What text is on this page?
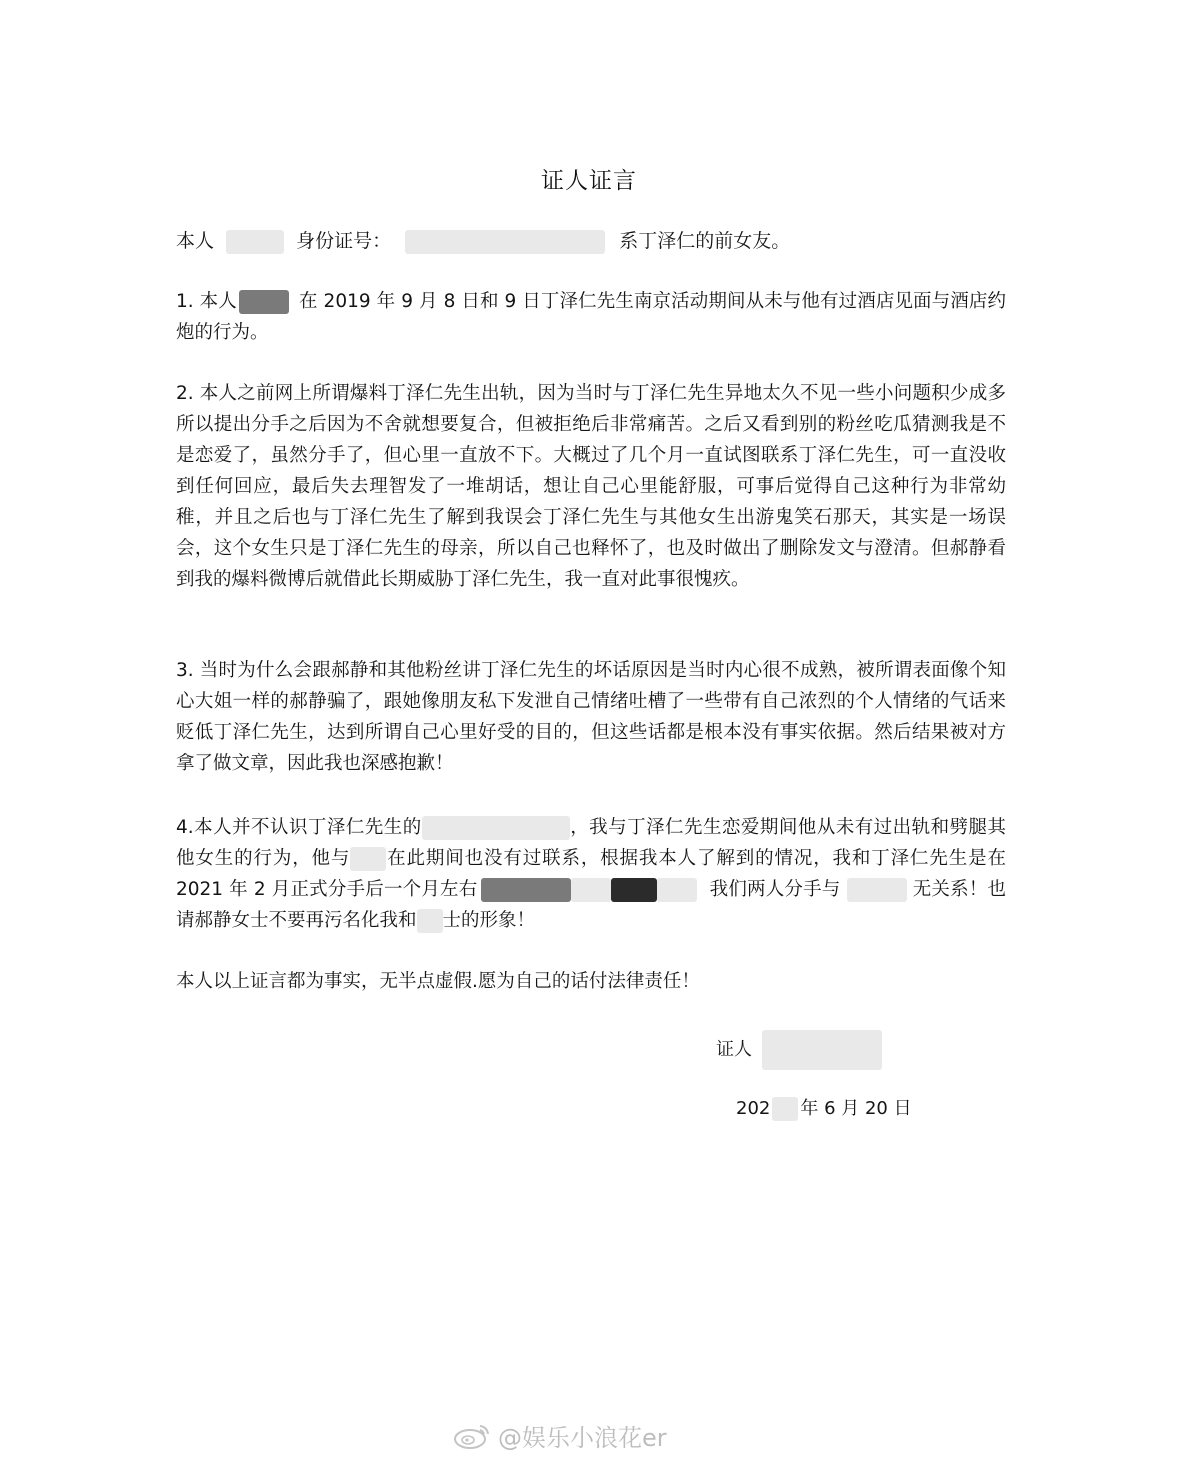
证人证言
本人	身份证号：	系丁泽仁的前女友。
1. 本人	在 2019 年 9 月 8 日和 9 日丁泽仁先生南京活动期间从未与他有过酒店见面与酒店约炮的行为。
2. 本人之前网上所谓爆料丁泽仁先生出轨，因为当时与丁泽仁先生异地太久不见一些小问题积少成多所以提出分手之后因为不舍就想要复合，但被拒绝后非常痛苦。之后又看到别的粉丝吃瓜猜测我是不是恋爱了，虽然分手了，但心里一直放不下。大概过了几个月一直试图联系丁泽仁先生，可一直没收到任何回应，最后失去理智发了一堆胡话，想让自己心里能舒服，可事后觉得自己这种行为非常幼稚，并且之后也与丁泽仁先生了解到我误会丁泽仁先生与其他女生出游鬼笑石那天，其实是一场误会，这个女生只是丁泽仁先生的母亲，所以自己也释怀了，也及时做出了删除发文与澄清。但郝静看到我的爆料微博后就借此长期威胁丁泽仁先生，我一直对此事很愧疚。
3. 当时为什么会跟郝静和其他粉丝讲丁泽仁先生的坏话原因是当时内心很不成熟，被所谓表面像个知心大姐一样的郝静骗了，跟她像朋友私下发泄自己情绪吐槽了一些带有自己浓烈的个人情绪的气话来贬低丁泽仁先生，达到所谓自己心里好受的目的，但这些话都是根本没有事实依据。然后结果被对方拿了做文章，因此我也深感抱歉！
4.本人并不认识丁泽仁先生的	，我与丁泽仁先生恋爱期间他从未有过出轨和劈腿其他女生的行为，他与 在此期间也没有过联系，根据我本人了解到的情况，我和丁泽仁先生是在 2021 年 2 月正式分手后一个月左右	我们两人分手与	无关系！也请郝静女士不要再污名化我和 士的形象！
本人以上证言都为事实，无半点虚假.愿为自己的话付法律责任！
证人
202 年 6 月 20 日
@娱乐小浪花er
